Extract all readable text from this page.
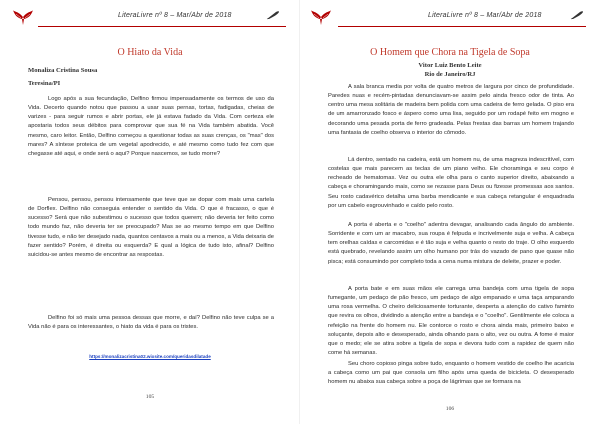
LiteraLivre nº 8 – Mar/Abr de 2018
O Hiato da Vida
Monaliza Cristina Sousa
Teresina/PI
Logo após a sua fecundação, Delfino firmou impensadamente os termos de uso da Vida. Decerto quando notou que passou a usar suas pernas, tortas, fadigadas, cheias de varizes - para seguir rumos e abrir portas, ele já estava fadado da Vida. Com certeza ele apostaria todos seus débitos para comprovar que sua fé na Vida também abatida. Você mesmo, caro leitor. Então, Delfino começou a questionar todas as suas crenças, os "mas" dos mares? A síntese proteica de um vegetal apodrecido, e até mesmo como tudo fez com que chegasse até aqui, e onde será o aqui? Porque nascemos, se tudo morre?
Pensou, pensou, pensou intensamente que teve que se dopar com mais uma cartela de Dorflex. Delfino não conseguia entender o sentido da Vida. O que é fracasso, o que é sucesso? Será que não subestimou o sucesso que todos querem; não deveria ter feito como todo mundo faz, não deveria ter se preocupado? Mas se ao mesmo tempo em que Delfino tivesse tudo, e não ter desejado nada, quantos centavos a mais ou a menos, a Vida deixaria de fazer sentido? Porém, é direita ou esquerda? E qual a lógica de tudo isto, afinal? Delfino suicidou-se antes mesmo de encontrar as respostas.
Delfino foi só mais uma pessoa dessas que morre, e daí? Delfino não teve culpa se a Vida não é para os interessantes, o hiato da vida é para os tristes.
https://monalizacristina02.wixsite.com/queridasdilatade
105
LiteraLivre nº 8 – Mar/Abr de 2018
O Homem que Chora na Tigela de Sopa
Vitor Luiz Bento Leite
Rio de Janeiro/RJ
A sala branca media por volta de quatro metros de largura por cinco de profundidade. Paredes nuas e recém-pintadas denunciavam-se assim pelo ainda fresco odor de tinta. Ao centro uma mesa solitária de madeira bem polida com uma cadeira de ferro gelada. O piso era de um amarronzado fosco e áspero como uma lixa, seguido por um rodapé feito em mogno e decorando uma pesada porta de ferro gradeada. Pelas frestas das barras um homem trajando uma fantasia de coelho observa o interior do cômodo.
Lá dentro, sentado na cadeira, está um homem nu, de uma magreza indescritível, com costelas que mais parecem as teclas de um piano velho. Ele choraminga e seu corpo é recheado de hematomas. Vez ou outra ele olha para o canto superior direito, abaixando a cabeça e choramingando mais, como se rezasse para Deus ou fizesse promessas aos santos. Seu rosto cadavérico detalha uma barba mendicante e sua cabeça retangular é enquadrada por um cabelo esgrouvinhado e caído pelo rosto.
A porta é aberta e o "coelho" adentra devagar, analisando cada ângulo do ambiente. Sorridente e com um ar macabro, sua roupa é felpuda e incrivelmente suja e velha. A cabeça tem orelhas caídas e carcomidas e é tão suja e velha quanto o resto do traje. O olho esquerdo está quebrado, revelando assim um olho humano por trás do vazado de pano que quase não pisca; está consumindo por completo toda a cena numa mistura de deleite, prazer e poder.
A porta bate e em suas mãos ele carrega uma bandeja com uma tigela de sopa fumegante, um pedaço de pão fresco, um pedaço de algo empanado e uma taça amparando uma rosa vermelha. O cheiro deliciosamente torturante, desperta a atenção do cativo faminto que revira os olhos, dividindo a atenção entre a bandeja e o "coelho". Gentilmente ele coloca a refeição na frente do homem nu. Ele contorce o rosto e chora ainda mais, primeiro baixo e soluçante, depois alto e desesperado, ainda olhando para o alto, vez ou outra. A fome é maior que o medo; ele se atira sobre a tigela de sopa e devora tudo com a rapidez de quem não come há semanas.
Seu choro copioso pinga sobre tudo, enquanto o homem vestido de coelho lhe acaricia a cabeça como um pai que consola um filho após uma queda de bicicleta. O desesperado homem nu abaixa sua cabeça sobre a poça de lágrimas que se formara na
106
